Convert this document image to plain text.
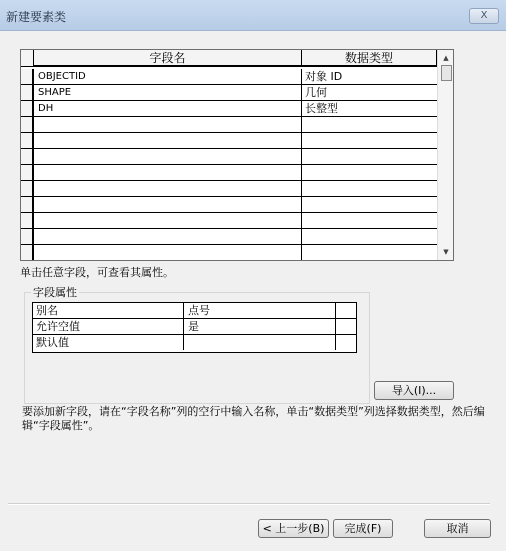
新建要素类	X
字段名	数据类型
OBJECTID	对象 ID
SHAPE	几何
DH	长整型
▲
▼
单击任意字段，可查看其属性。
字段属性
别名	点号
允许空值	是
默认值
导入(I)...
要添加新字段，请在“字段名称”列的空行中输入名称，单击“数据类型”列选择数据类型，然后编辑“字段属性”。
< 上一步(B)	完成(F)	取消
